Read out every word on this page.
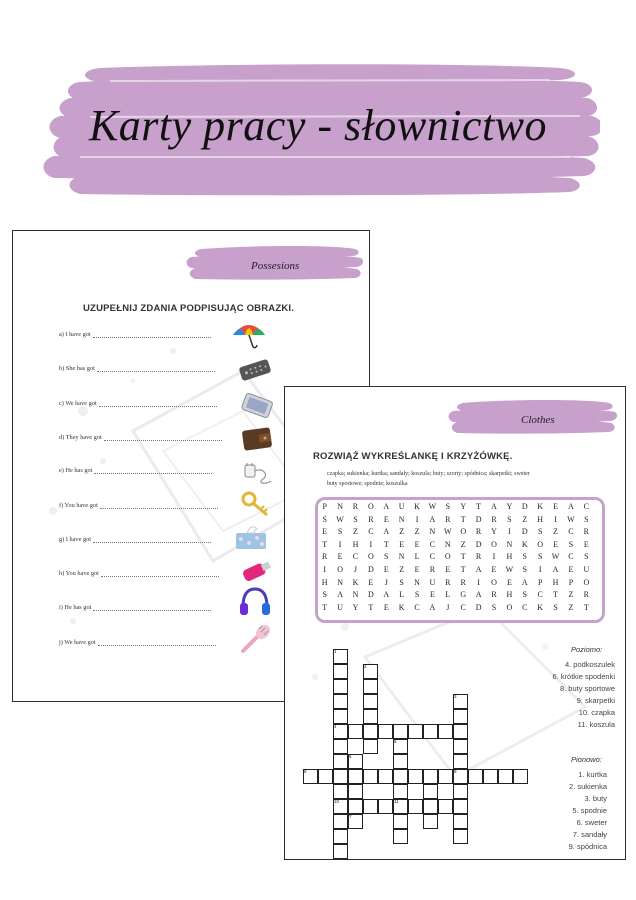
Karty pracy - słownictwo
Possesions
UZUPEŁNIJ ZDANIA PODPISUJĄC OBRAZKI.
a) I have got
b) She has got
c) We have got
d) They have got
e) He has got
f) You have got
g) I have got
h) You have got
i) He has got
j) We have got
Clothes
ROZWIĄŻ WYKREŚLANKĘ I KRZYŻÓWKĘ.
czapka; sukienka; kurtka; sandały; koszula; buty; szorty; spódnica; skarpetki; sweter
buty sportowe; spodnie; koszulka
P	N	R	O	A	U	K	W	S	Y	T	A	Y	D	K	E	A	C
S	W	S	R	E	N	I	A	R	T	D	R	S	Z	H	I	W	S
E	S	Z	C	A	Z	Z	N	W	O	R	Y	I	D	S	Z	C	R
T	I	H	I	T	E	E	C	N	Z	D	O	N	K	O	E	S	E
R	E	C	O	S	N	L	C	O	T	R	I	H	S	S	W	C	S
I	O	J	D	E	Z	E	R	E	T	A	E	W	S	I	A	E	U
H	N	K	E	J	S	N	U	R	R	I	O	E	A	P	H	P	O
S	A	N	D	A	L	S	E	L	G	A	R	H	S	C	T	Z	R
T	U	Y	T	E	K	C	A	J	C	D	S	O	C	K	S	Z	T
1
2
3
4
5
6
7
8	9
10	11
Poziomo:
4. podkoszulek
6. krótkie spodenki
8. buty sportowe
9. skarpetki
10. czapka
11. koszula
Pionowo:
1. kurtka
2. sukienka
3. buty
5. spodnie
6. sweter
7. sandały
9. spódnica
